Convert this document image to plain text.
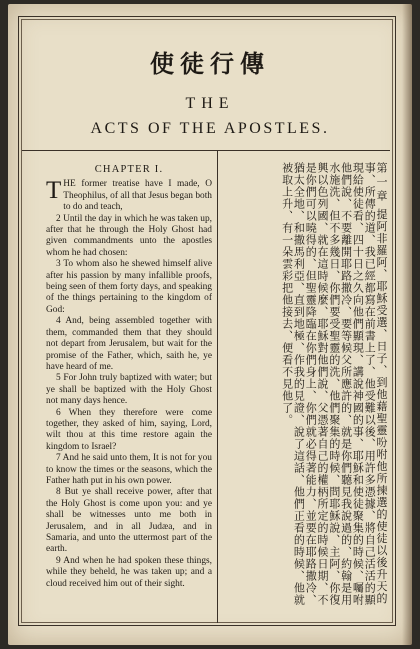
使徒行傳
THE
ACTS OF THE APOSTLES.

CHAPTER I.

THE former treatise have I made, O Theophilus, of all that Jesus began both to do and teach,

2 Until the day in which he was taken up, after that he through the Holy Ghost had given commandments unto the apostles whom he had chosen:

3 To whom also he shewed himself alive after his passion by many infallible proofs, being seen of them forty days, and speaking of the things pertaining to the kingdom of God:

4 And, being assembled together with them, commanded them that they should not depart from Jerusalem, but wait for the promise of the Father, which, saith he, ye have heard of me.

5 For John truly baptized with water; but ye shall be baptized with the Holy Ghost not many days hence.

6 When they therefore were come together, they asked of him, saying, Lord, wilt thou at this time restore again the kingdom to Israel?

7 And he said unto them, It is not for you to know the times or the seasons, which the Father hath put in his own power.

8 But ye shall receive power, after that the Holy Ghost is come upon you: and ye shall be witnesses unto me both in Jerusalem, and in all Judæa, and in Samaria, and unto the uttermost part of the earth.

9 And when he had spoken these things, while they beheld, he was taken up; and a cloud received him out of their sight.

第一章 提阿非羅阿、耶穌受選、日子、到他藉聖靈吩咐他所揀選的使徒以後升天的事、所傳的道、我已經都寫在前書上了、他受難以後、用許多憑據、將自己活活的顯現給使徒看、四十日之久向他們顯現、講說神國的事、耶穌和使徒聚集的時候、囑咐他們說、不要離開耶路撒冷、要等候父所應許的、就是你們聽見我說過的、約翰是用水施洗、但不多幾日、你們要受聖靈的洗、他們聚集的時候、問耶穌說、主阿、你復興以色列國、就在這時候麼、耶穌對他們說、父憑著自己的權柄所定的時候日期、不是你們可以曉得的、但聖靈降臨在你們身上、你們就必得著能力、並要在耶路撒冷、猶太全地、和撒馬利亞、直到地極、作我的見證、說了這話、他們正看的時候、他就被取上升、有一朵雲彩把他接去、便看不見他了。
